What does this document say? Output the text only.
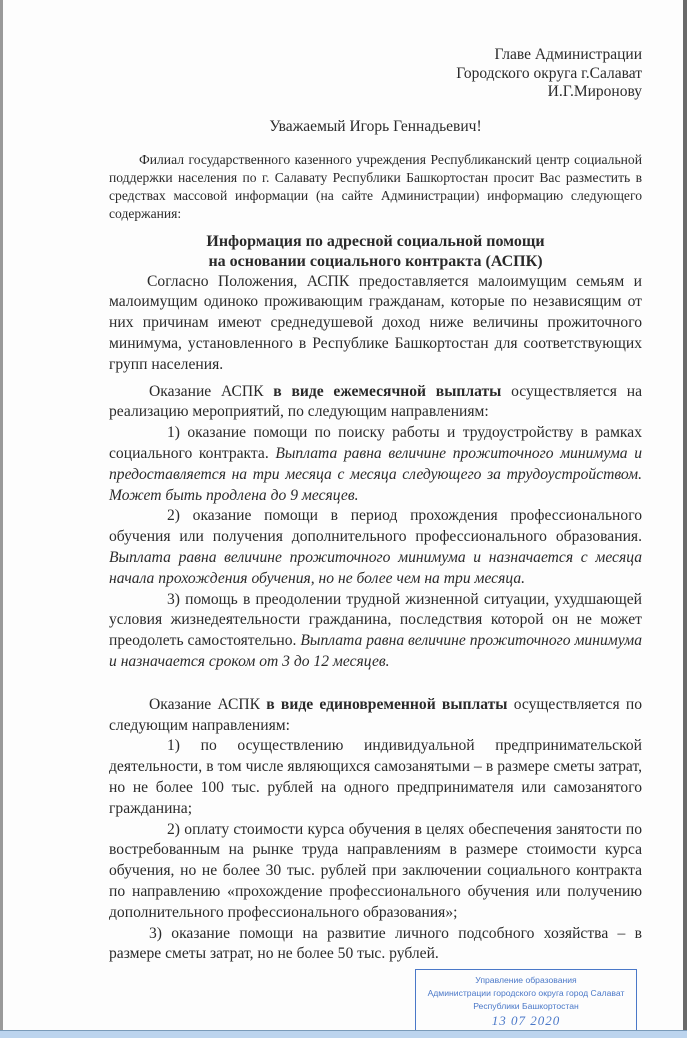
Главе Администрации
Городского округа г.Салават
И.Г.Миронову
Уважаемый Игорь Геннадьевич!
Филиал государственного казенного учреждения Республиканский центр социальной поддержки населения по г. Салавату Республики Башкортостан просит Вас разместить в средствах массовой информации (на сайте Администрации) информацию следующего содержания:
Информация по адресной социальной помощи
на основании социального контракта (АСПК)

Согласно Положения, АСПК предоставляется малоимущим семьям и малоимущим одиноко проживающим гражданам, которые по независящим от них причинам имеют среднедушевой доход ниже величины прожиточного минимума, установленного в Республике Башкортостан для соответствующих групп населения.

Оказание АСПК в виде ежемесячной выплаты осуществляется на реализацию мероприятий, по следующим направлениям:

1) оказание помощи по поиску работы и трудоустройству в рамках социального контракта. Выплата равна величине прожиточного минимума и предоставляется на три месяца с месяца следующего за трудоустройством. Может быть продлена до 9 месяцев.

2) оказание помощи в период прохождения профессионального обучения или получения дополнительного профессионального образования. Выплата равна величине прожиточного минимума и назначается с месяца начала прохождения обучения, но не более чем на три месяца.

3) помощь в преодолении трудной жизненной ситуации, ухудшающей условия жизнедеятельности гражданина, последствия которой он не может преодолеть самостоятельно. Выплата равна величине прожиточного минимума и назначается сроком от 3 до 12 месяцев.

Оказание АСПК в виде единовременной выплаты осуществляется по следующим направлениям:

1) по осуществлению индивидуальной предпринимательской деятельности, в том числе являющихся самозанятыми – в размере сметы затрат, но не более 100 тыс. рублей на одного предпринимателя или самозанятого гражданина;

2) оплату стоимости курса обучения в целях обеспечения занятости по востребованным на рынке труда направлениям в размере стоимости курса обучения, но не более 30 тыс. рублей при заключении социального контракта по направлению «прохождение профессионального обучения или получению дополнительного профессионального образования»;

3) оказание помощи на развитие личного подсобного хозяйства – в размере сметы затрат, но не более 50 тыс. рублей.

Управление образования
Администрации городского округа город Салават
Республики Башкортостан
13 07 2020
